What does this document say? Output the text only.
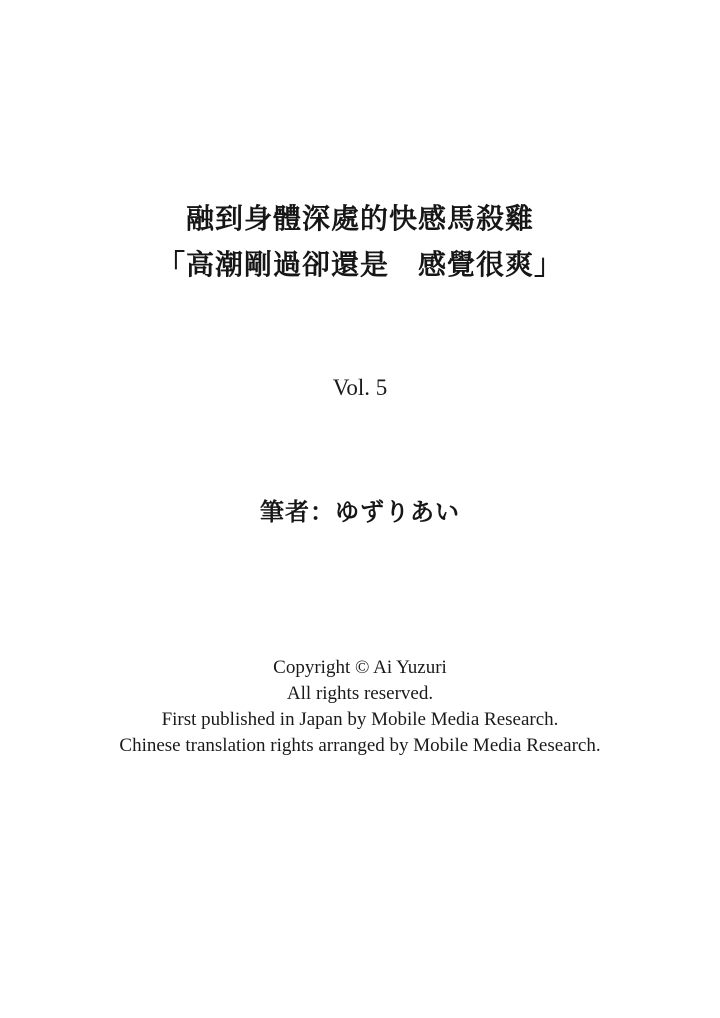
融到身體深處的快感馬殺雞
「高潮剛過卻還是　感覺很爽」
Vol. 5
筆者：ゆずりあい
Copyright © Ai Yuzuri
All rights reserved.
First published in Japan by Mobile Media Research.
Chinese translation rights arranged by Mobile Media Research.
